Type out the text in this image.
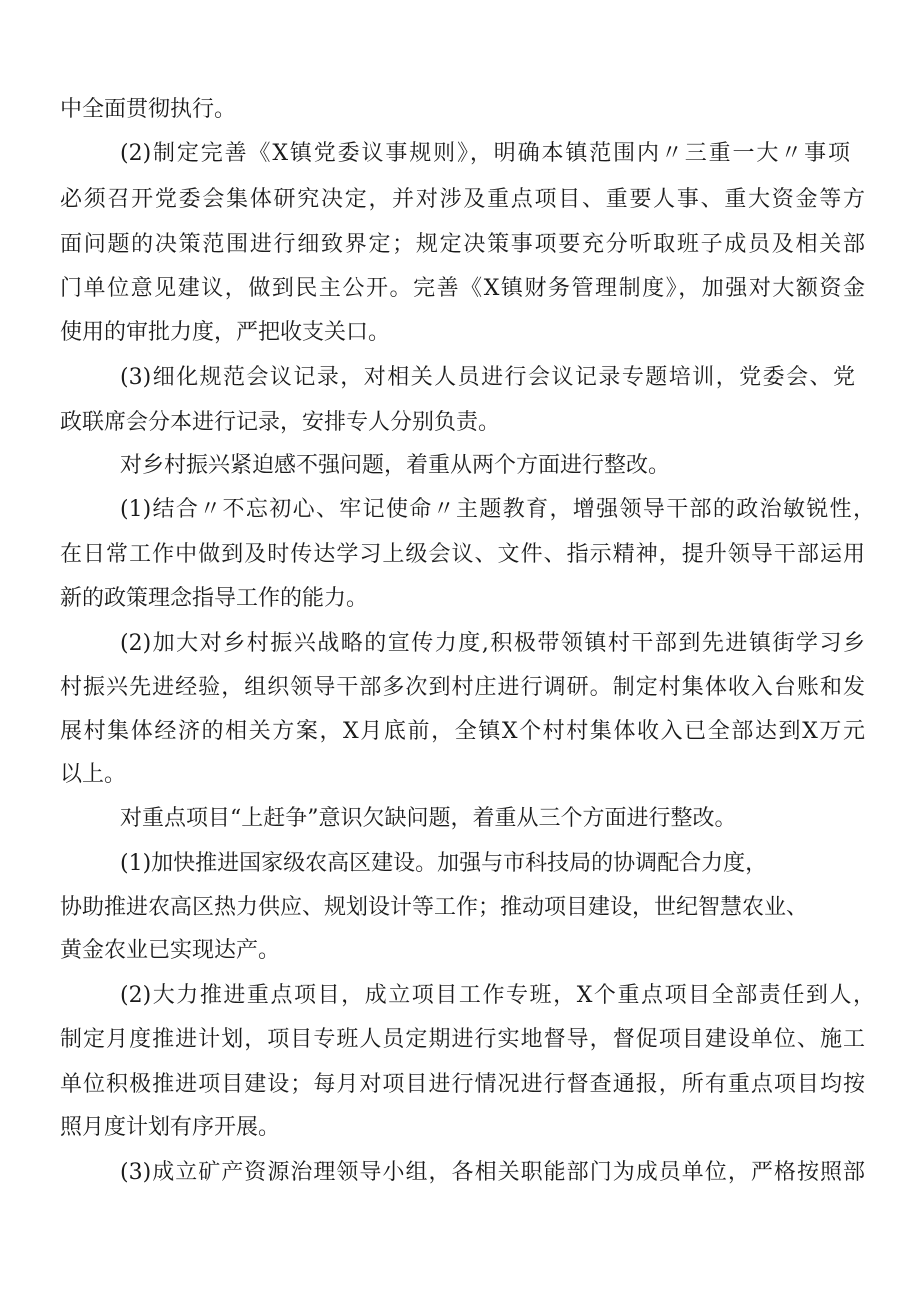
中全面贯彻执行。
(2)制定完善《X镇党委议事规则》，明确本镇范围内〃三重一大〃事项
必须召开党委会集体研究决定，并对涉及重点项目、重要人事、重大资金等方
面问题的决策范围进行细致界定；规定决策事项要充分听取班子成员及相关部
门单位意见建议，做到民主公开。完善《X镇财务管理制度》，加强对大额资金
使用的审批力度，严把收支关口。
(3)细化规范会议记录，对相关人员进行会议记录专题培训，党委会、党
政联席会分本进行记录，安排专人分别负责。
对乡村振兴紧迫感不强问题，着重从两个方面进行整改。
(1)结合〃不忘初心、牢记使命〃主题教育，增强领导干部的政治敏锐性，
在日常工作中做到及时传达学习上级会议、文件、指示精神，提升领导干部运用
新的政策理念指导工作的能力。
(2)加大对乡村振兴战略的宣传力度,积极带领镇村干部到先进镇街学习乡
村振兴先进经验，组织领导干部多次到村庄进行调研。制定村集体收入台账和发
展村集体经济的相关方案，X月底前，全镇X个村村集体收入已全部达到X万元
以上。
对重点项目“上赶争”意识欠缺问题，着重从三个方面进行整改。
(1)加快推进国家级农高区建设。加强与市科技局的协调配合力度，
协助推进农高区热力供应、规划设计等工作；推动项目建设，世纪智慧农业、
黄金农业已实现达产。
(2)大力推进重点项目，成立项目工作专班，X个重点项目全部责任到人，
制定月度推进计划，项目专班人员定期进行实地督导，督促项目建设单位、施工
单位积极推进项目建设；每月对项目进行情况进行督查通报，所有重点项目均按
照月度计划有序开展。
(3)成立矿产资源治理领导小组，各相关职能部门为成员单位，严格按照部
